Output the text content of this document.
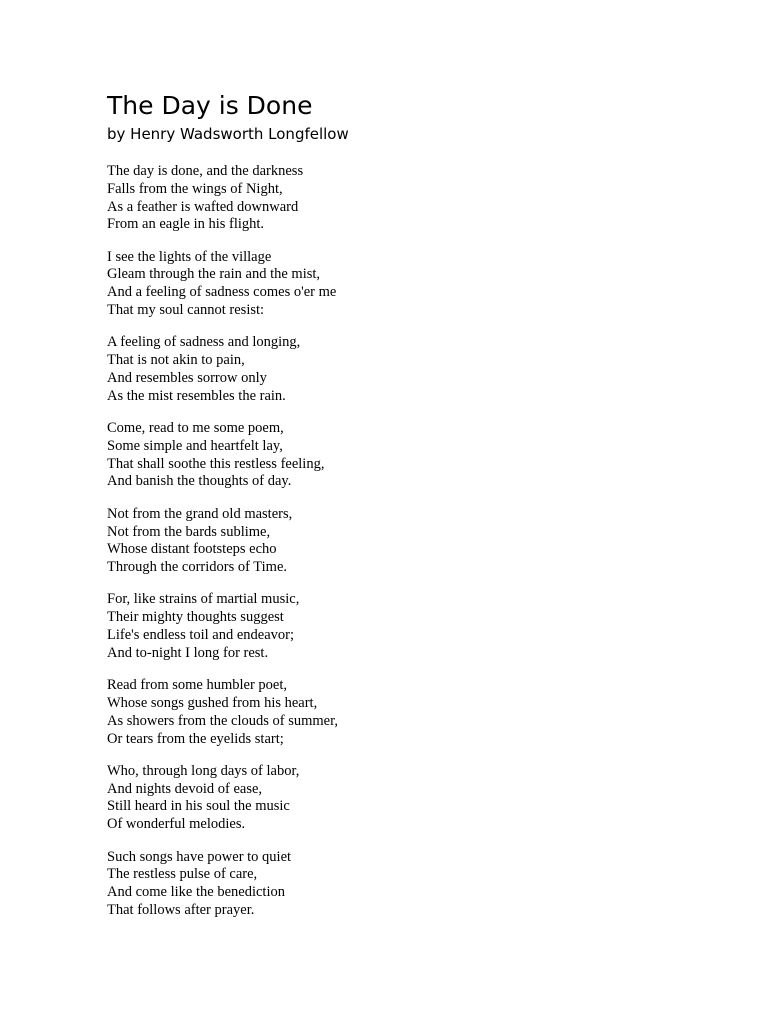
The Day is Done
by Henry Wadsworth Longfellow
The day is done, and the darkness
Falls from the wings of Night,
As a feather is wafted downward
From an eagle in his flight.
I see the lights of the village
Gleam through the rain and the mist,
And a feeling of sadness comes o'er me
That my soul cannot resist:
A feeling of sadness and longing,
That is not akin to pain,
And resembles sorrow only
As the mist resembles the rain.
Come, read to me some poem,
Some simple and heartfelt lay,
That shall soothe this restless feeling,
And banish the thoughts of day.
Not from the grand old masters,
Not from the bards sublime,
Whose distant footsteps echo
Through the corridors of Time.
For, like strains of martial music,
Their mighty thoughts suggest
Life's endless toil and endeavor;
And to-night I long for rest.
Read from some humbler poet,
Whose songs gushed from his heart,
As showers from the clouds of summer,
Or tears from the eyelids start;
Who, through long days of labor,
And nights devoid of ease,
Still heard in his soul the music
Of wonderful melodies.
Such songs have power to quiet
The restless pulse of care,
And come like the benediction
That follows after prayer.
